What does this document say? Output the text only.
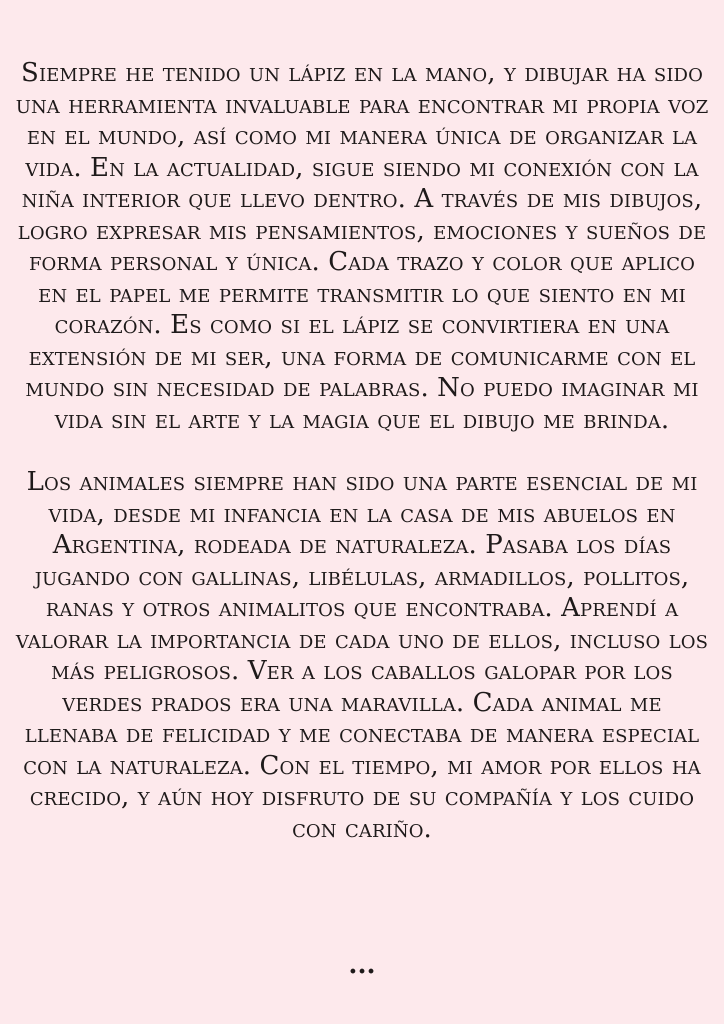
Siempre he tenido un lápiz en la mano, y dibujar ha sido una herramienta invaluable para encontrar mi propia voz en el mundo, así como mi manera única de organizar la vida. En la actualidad, sigue siendo mi conexión con la niña interior que llevo dentro. A través de mis dibujos, logro expresar mis pensamientos, emociones y sueños de forma personal y única. Cada trazo y color que aplico en el papel me permite transmitir lo que siento en mi corazón. Es como si el lápiz se convirtiera en una extensión de mi ser, una forma de comunicarme con el mundo sin necesidad de palabras. No puedo imaginar mi vida sin el arte y la magia que el dibujo me brinda.

Los animales siempre han sido una parte esencial de mi vida, desde mi infancia en la casa de mis abuelos en Argentina, rodeada de naturaleza. Pasaba los días jugando con gallinas, libélulas, armadillos, pollitos, ranas y otros animalitos que encontraba. Aprendí a valorar la importancia de cada uno de ellos, incluso los más peligrosos. Ver a los caballos galopar por los verdes prados era una maravilla. Cada animal me llenaba de felicidad y me conectaba de manera especial con la naturaleza. Con el tiempo, mi amor por ellos ha crecido, y aún hoy disfruto de su compañía y los cuido con cariño.

...
